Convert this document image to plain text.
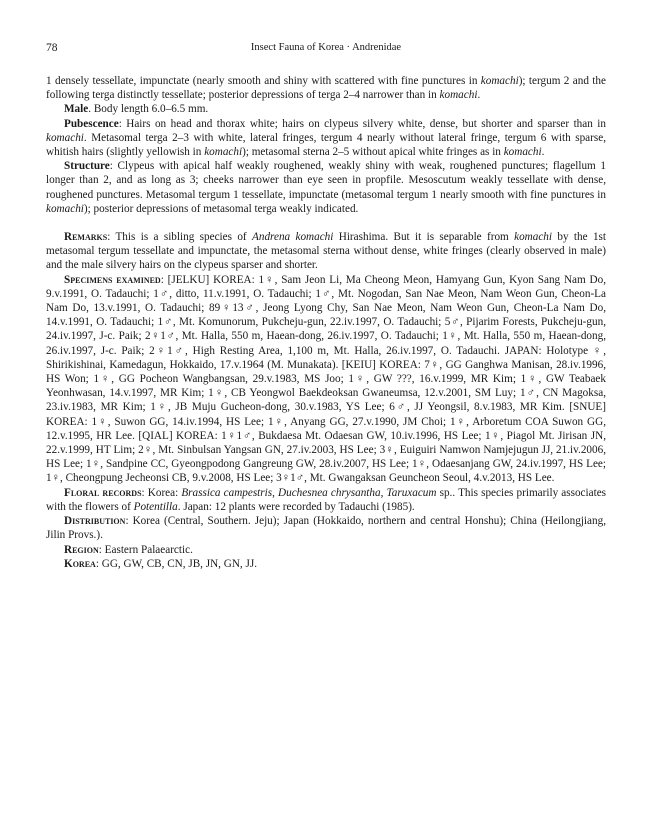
78	Insect Fauna of Korea · Andrenidae

1 densely tessellate, impunctate (nearly smooth and shiny with scattered with fine punctures in komachi); tergum 2 and the following terga distinctly tessellate; posterior depressions of terga 2–4 narrower than in komachi.

Male. Body length 6.0–6.5 mm.

Pubescence: Hairs on head and thorax white; hairs on clypeus silvery white, dense, but shorter and sparser than in komachi. Metasomal terga 2–3 with white, lateral fringes, tergum 4 nearly without lateral fringe, tergum 6 with sparse, whitish hairs (slightly yellowish in komachi); metasomal sterna 2–5 without apical white fringes as in komachi.

Structure: Clypeus with apical half weakly roughened, weakly shiny with weak, roughened punctures; flagellum 1 longer than 2, and as long as 3; cheeks narrower than eye seen in propfile. Mesoscutum weakly tessellate with dense, roughened punctures. Metasomal tergum 1 tessellate, impunctate (metasomal tergum 1 nearly smooth with fine punctures in komachi); posterior depressions of metasomal terga weakly indicated.

Remarks: This is a sibling species of Andrena komachi Hirashima. But it is separable from komachi by the 1st metasomal tergum tessellate and impunctate, the metasomal sterna without dense, white fringes (clearly observed in male) and the male silvery hairs on the clypeus sparser and shorter.

Specimens examined: [JELKU] KOREA: 1♀, Sam Jeon Li, Ma Cheong Meon, Hamyang Gun, Kyon Sang Nam Do, 9.v.1991, O. Tadauchi; 1♂, ditto, 11.v.1991, O. Tadauchi; 1♂, Mt. Nogodan, San Nae Meon, Nam Weon Gun, Cheon-La Nam Do, 13.v.1991, O. Tadauchi; 89♀13♂, Jeong Lyong Chy, San Nae Meon, Nam Weon Gun, Cheon-La Nam Do, 14.v.1991, O. Tadauchi; 1♂, Mt. Komunorum, Pukcheju-gun, 22.iv.1997, O. Tadauchi; 5♂, Pijarim Forests, Pukcheju-gun, 24.iv.1997, J-c. Paik; 2♀1♂, Mt. Halla, 550 m, Haean-dong, 26.iv.1997, O. Tadauchi; 1♀, Mt. Halla, 550 m, Haean-dong, 26.iv.1997, J-c. Paik; 2♀1♂, High Resting Area, 1,100 m, Mt. Halla, 26.iv.1997, O. Tadauchi. JAPAN: Holotype ♀, Shirikishinai, Kamedagun, Hokkaido, 17.v.1964 (M. Munakata). [KEIU] KOREA: 7♀, GG Ganghwa Manisan, 28.iv.1996, HS Won; 1♀, GG Pocheon Wangbangsan, 29.v.1983, MS Joo; 1♀, GW ???, 16.v.1999, MR Kim; 1♀, GW Teabaek Yeonhwasan, 14.v.1997, MR Kim; 1♀, CB Yeongwol Baekdeoksan Gwaneumsa, 12.v.2001, SM Luy; 1♂, CN Magoksa, 23.iv.1983, MR Kim; 1♀, JB Muju Gucheon-dong, 30.v.1983, YS Lee; 6♂, JJ Yeongsil, 8.v.1983, MR Kim. [SNUE] KOREA: 1♀, Suwon GG, 14.iv.1994, HS Lee; 1♀, Anyang GG, 27.v.1990, JM Choi; 1♀, Arboretum COA Suwon GG, 12.v.1995, HR Lee. [QIAL] KOREA: 1♀1♂, Bukdaesa Mt. Odaesan GW, 10.iv.1996, HS Lee; 1♀, Piagol Mt. Jirisan JN, 22.v.1999, HT Lim; 2♀, Mt. Sinbulsan Yangsan GN, 27.iv.2003, HS Lee; 3♀, Euiguiri Namwon Namjejugun JJ, 21.iv.2006, HS Lee; 1♀, Sandpine CC, Gyeongpodong Gangreung GW, 28.iv.2007, HS Lee; 1♀, Odaesanjang GW, 24.iv.1997, HS Lee; 1♀, Cheongpung Jecheonsi CB, 9.v.2008, HS Lee; 3♀1♂, Mt. Gwangaksan Geuncheon Seoul, 4.v.2013, HS Lee.

Floral records: Korea: Brassica campestris, Duchesnea chrysantha, Taruxacum sp.. This species primarily associates with the flowers of Potentilla. Japan: 12 plants were recorded by Tadauchi (1985).

Distribution: Korea (Central, Southern. Jeju); Japan (Hokkaido, northern and central Honshu); China (Heilongjiang, Jilin Provs.).

Region: Eastern Palaearctic.

Korea: GG, GW, CB, CN, JB, JN, GN, JJ.
